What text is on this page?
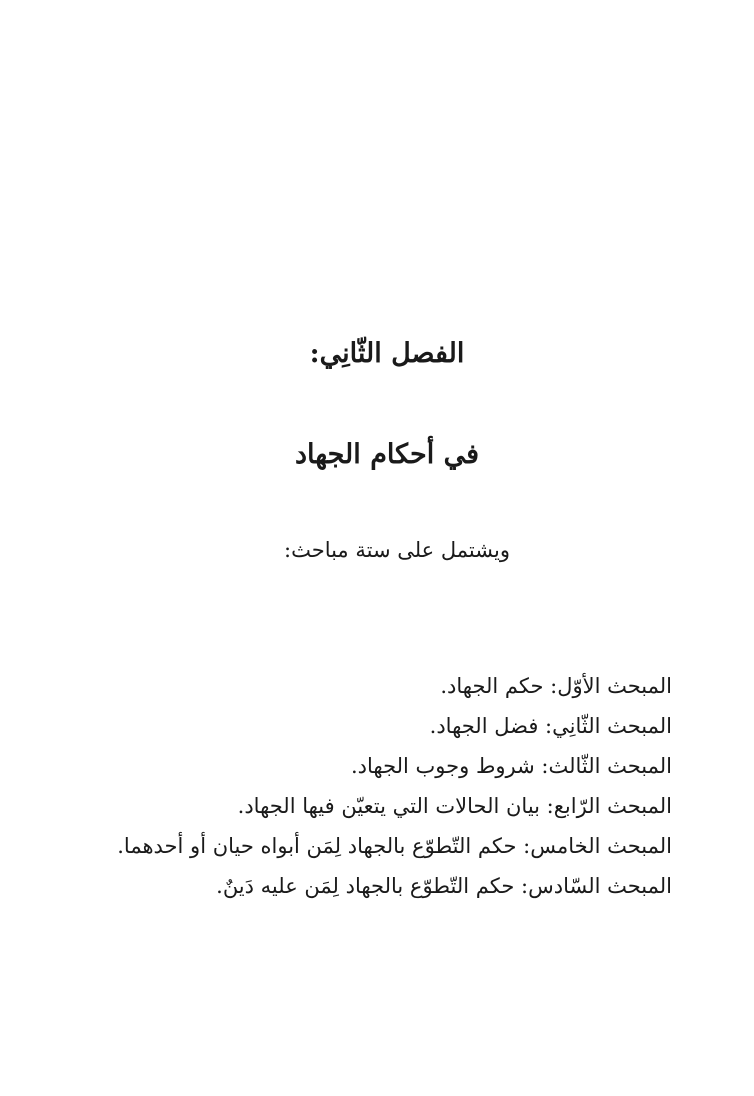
الفصل الثّانِي:
في أحكام الجهاد

ويشتمل على ستة مباحث:

المبحث الأوّل: حكم الجهاد.
المبحث الثّانِي: فضل الجهاد.
المبحث الثّالث: شروط وجوب الجهاد.
المبحث الرّابع: بيان الحالات التي يتعيّن فيها الجهاد.
المبحث الخامس: حكم التّطوّع بالجهاد لِمَن أبواه حيان أو أحدهما.
المبحث السّادس: حكم التّطوّع بالجهاد لِمَن عليه دَينٌ.
